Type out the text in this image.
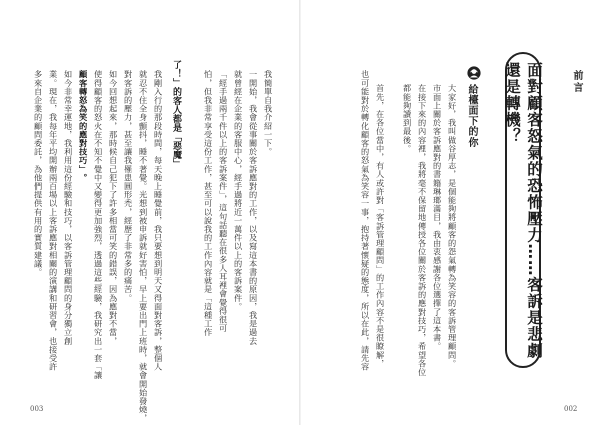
前言
面對顧客怒氣的恐怖壓力……客訴是悲劇還是轉機？
給檯面下的你
大家好，我叫做谷厚志，是個能夠將顧客的怨氣轉為笑容的客訴管理顧問。
市面上關於客訴應對的書籍琳瑯滿目，我由衷感謝各位選擇了這本書。
在接下來的內容裡，我將毫不保留地傳授各位關於客訴的應對技巧，希望各位
都能夠讀到最後。
首先，在各位當中，有人或許對「客訴管理顧問」的工作內容不是很瞭解，
也可能對於轉化顧客的怒氣為笑容一事，抱持著懷疑的態度，所以在此，請先容
002
我簡單自我介紹一下。
一開始，我會從事關於客訴應對的工作，以及寫這本書的原因，我是過去
就曾經在企業的客服中心，經手過將近一萬件以上的客訴案件。
「經手過兩千件以上的客訴案件」，這句話聽在很多人耳裡會覺得很可
怕，但我非常享受這份工作，甚至可以說我的工作內容就是「這種工作
了！」的客人都是「惡魔」
我剛入行的那段時間，每天晚上睡覺前，我只要想到明天又得面對客訴，整個人
就忍不住全身顫抖，睡不著覺。光想到被申訴就好害怕，早上要出門上班時，就會開始發燒，
對客訴的壓力，甚至讓我罹患圓形禿，經歷了非常多的痛苦。
如今回想起來，那時候自己犯下了許多相當可笑的錯誤，因為應對不當，
使得顧客的怒火在不知不覺中又變得更加強烈，透過這些經驗，我研究出一套「讓
顧客轉怒為笑的應對技巧」。
如今非常幸運地，我利用這份經驗和技巧，以客訴管理顧問的身分獨立創
業。現在，我每年平均開辦兩百場以上客訴應對相關的演講和研習會，也接受許
多來自企業的顧問委託，為他們提供有用的實質建議。
003
